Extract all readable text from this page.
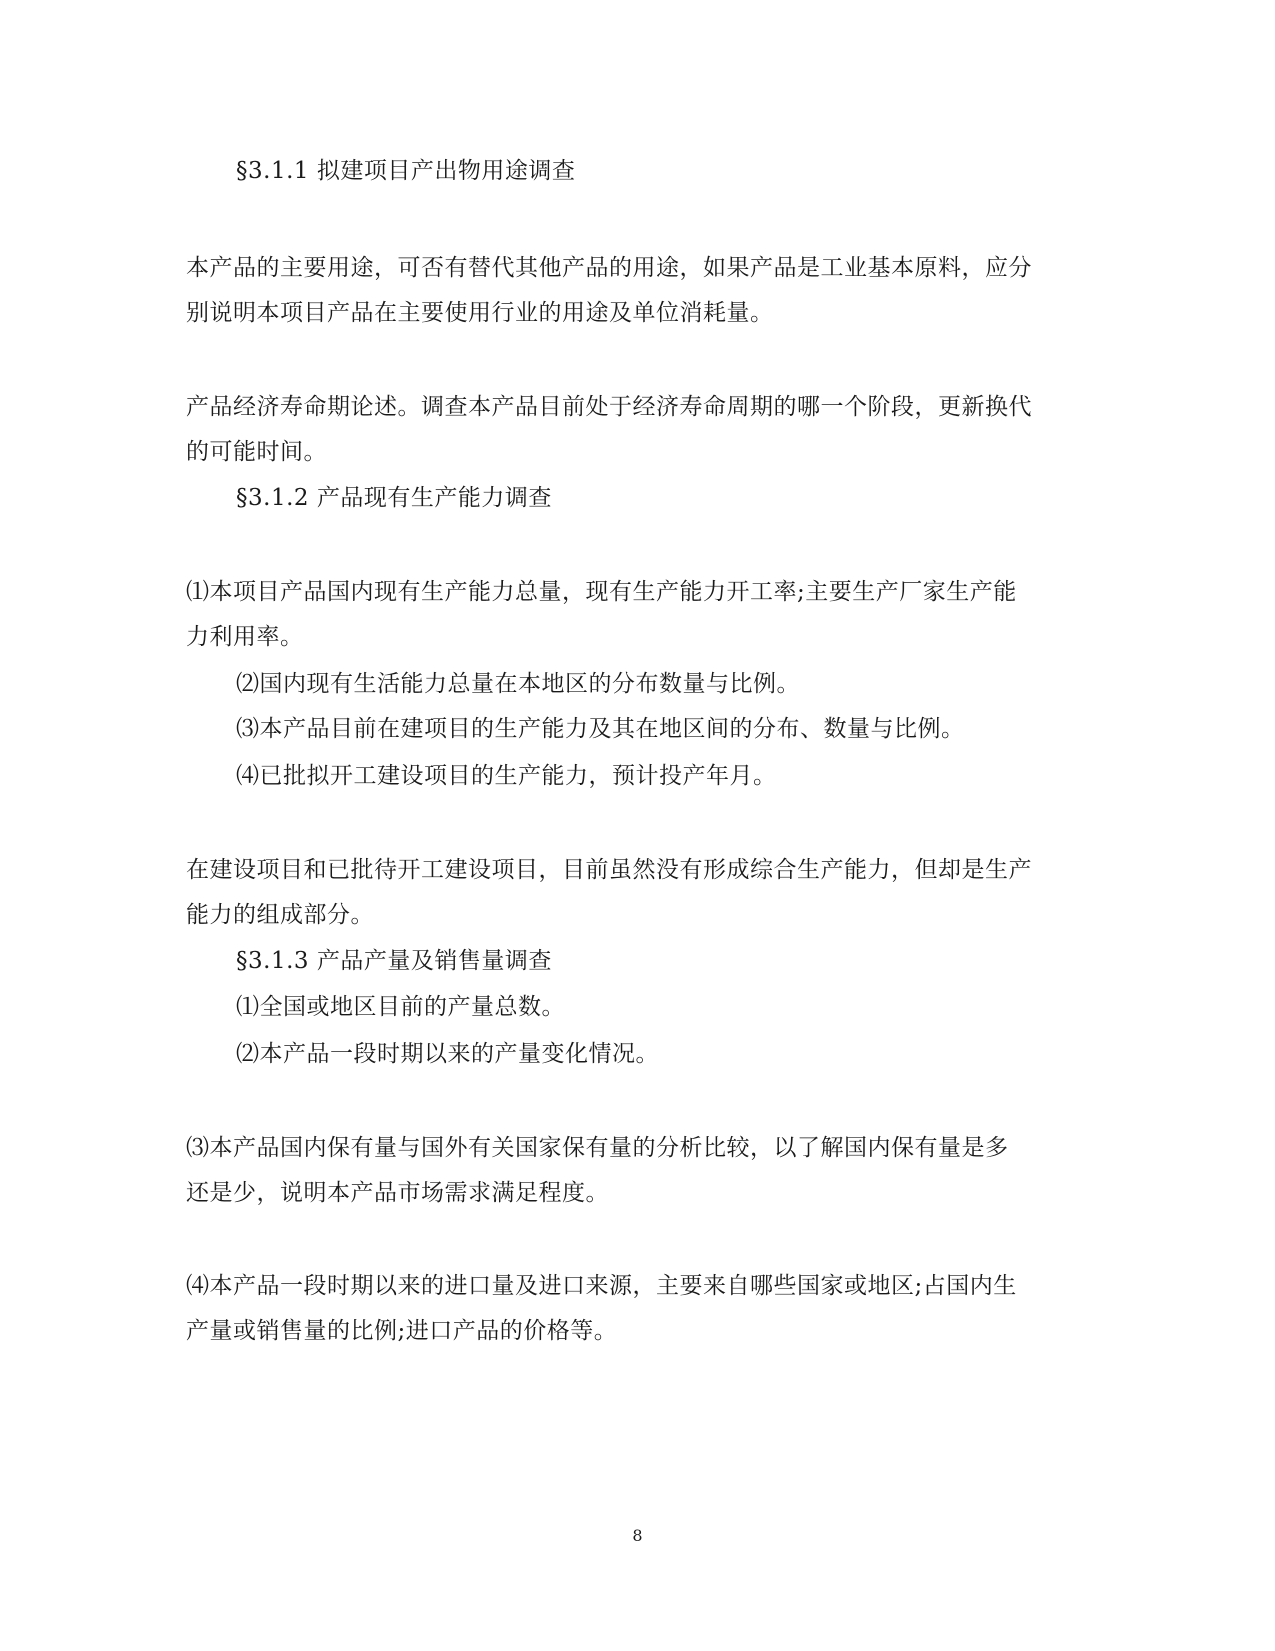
§3.1.1 拟建项目产出物用途调查
本产品的主要用途，可否有替代其他产品的用途，如果产品是工业基本原料，应分
别说明本项目产品在主要使用行业的用途及单位消耗量。
产品经济寿命期论述。调查本产品目前处于经济寿命周期的哪一个阶段，更新换代
的可能时间。
§3.1.2 产品现有生产能力调查
⑴本项目产品国内现有生产能力总量，现有生产能力开工率;主要生产厂家生产能
力利用率。
⑵国内现有生活能力总量在本地区的分布数量与比例。
⑶本产品目前在建项目的生产能力及其在地区间的分布、数量与比例。
⑷已批拟开工建设项目的生产能力，预计投产年月。
在建设项目和已批待开工建设项目，目前虽然没有形成综合生产能力，但却是生产
能力的组成部分。
§3.1.3 产品产量及销售量调查
⑴全国或地区目前的产量总数。
⑵本产品一段时期以来的产量变化情况。
⑶本产品国内保有量与国外有关国家保有量的分析比较，以了解国内保有量是多
还是少，说明本产品市场需求满足程度。
⑷本产品一段时期以来的进口量及进口来源，主要来自哪些国家或地区;占国内生
产量或销售量的比例;进口产品的价格等。
8
